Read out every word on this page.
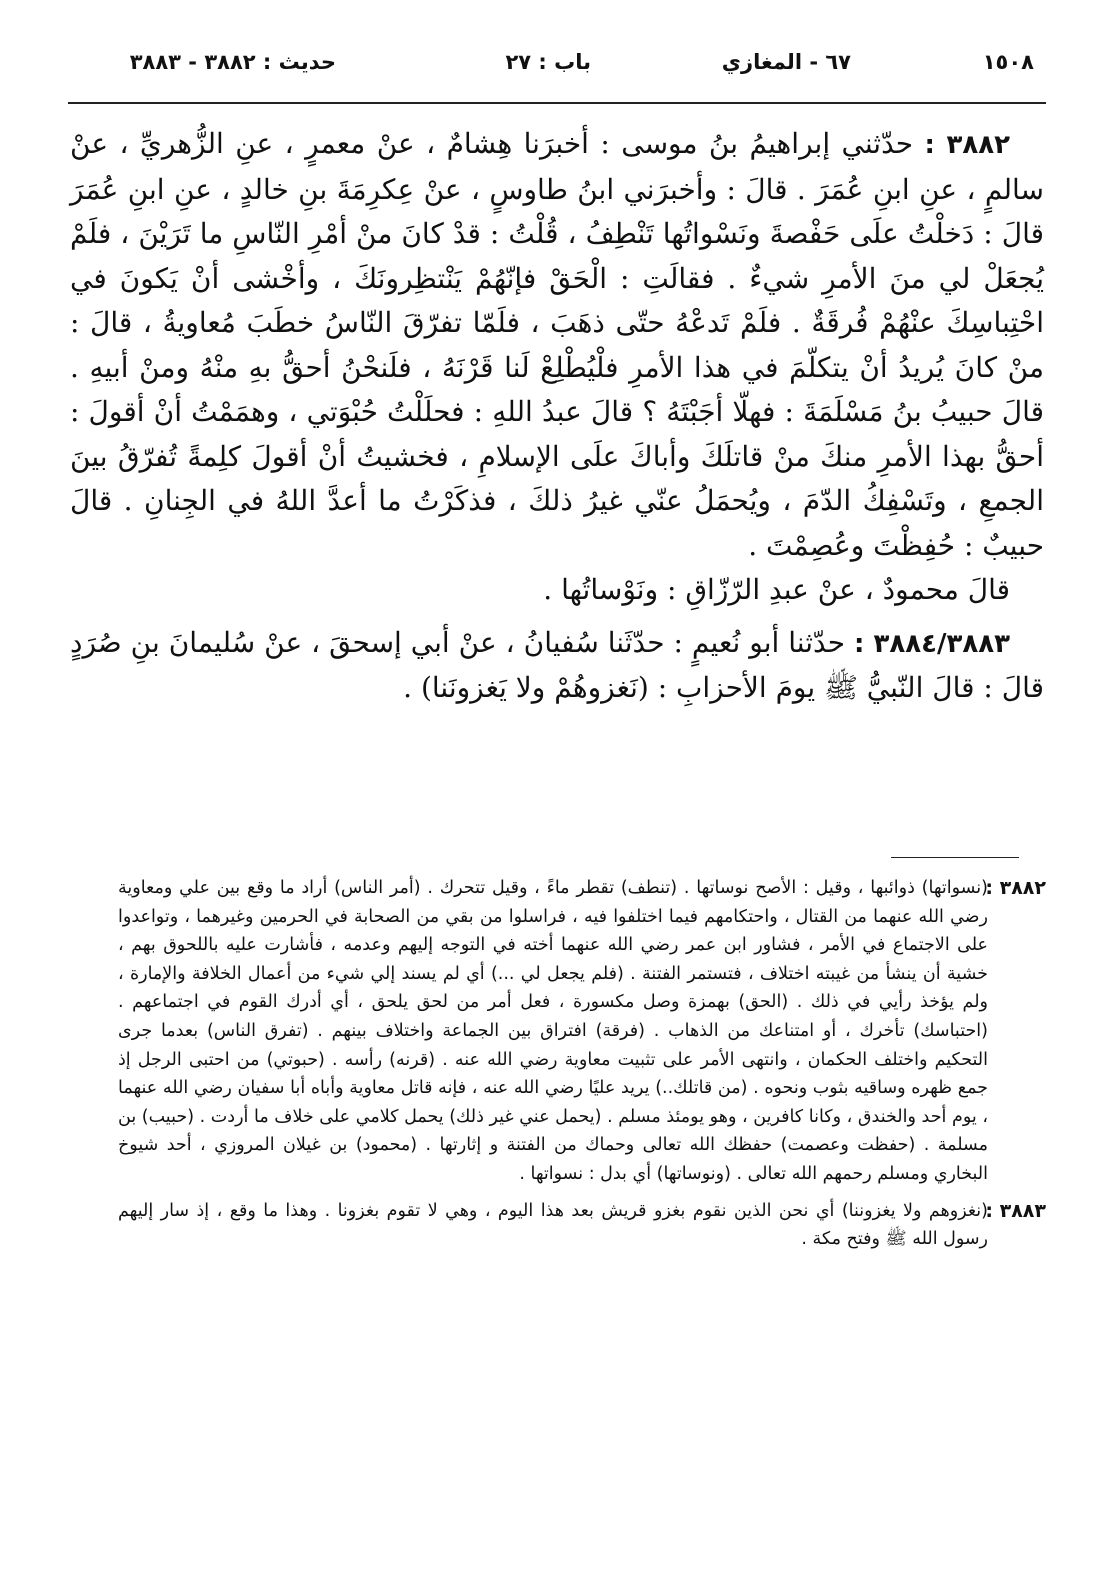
١٥٠٨
٦٧ - المغازي
باب : ٢٧
حديث : ٣٨٨٢ - ٣٨٨٣

٣٨٨٢ : حدّثني إبراهيمُ بنُ موسى : أخبرَنا هِشامٌ ، عنْ معمرٍ ، عنِ الزُّهريِّ ، عنْ سالمٍ ، عنِ ابنِ عُمَرَ . قالَ : وأخبرَني ابنُ طاوسٍ ، عنْ عِكرِمَةَ بنِ خالدٍ ، عنِ ابنِ عُمَرَ قالَ : دَخلْتُ علَى حَفْصةَ ونَسْواتُها تَنْطِفُ ، قُلْتُ : قدْ كانَ منْ أمْرِ النّاسِ ما تَرَيْنَ ، فلَمْ يُجعَلْ لي منَ الأمرِ شيءٌ . فقالَتِ : الْحَقْ فإنّهُمْ يَنْتظِرونَكَ ، وأخْشى أنْ يَكونَ في احْتِباسِكَ عنْهُمْ فُرقَةٌ . فلَمْ تَدعْهُ حتّى ذهَبَ ، فلَمّا تفرّقَ النّاسُ خطَبَ مُعاويةُ ، قالَ : منْ كانَ يُريدُ أنْ يتكلّمَ في هذا الأمرِ فلْيُطْلِعْ لَنا قَرْنَهُ ، فلَنحْنُ أحقُّ بهِ منْهُ ومنْ أبيهِ . قالَ حبيبُ بنُ مَسْلَمَةَ : فهلّا أجَبْتَهُ ؟ قالَ عبدُ اللهِ : فحلَلْتُ حُبْوَتي ، وهمَمْتُ أنْ أقولَ : أحقُّ بهذا الأمرِ منكَ منْ قاتلَكَ وأباكَ علَى الإسلامِ ، فخشيتُ أنْ أقولَ كلِمةً تُفرّقُ بينَ الجمعِ ، وتَسْفِكُ الدّمَ ، ويُحمَلُ عنّي غيرُ ذلكَ ، فذكَرْتُ ما أعدَّ اللهُ في الجِنانِ . قالَ حبيبٌ : حُفِظْتَ وعُصِمْتَ .

قالَ محمودٌ ، عنْ عبدِ الرّزّاقِ : ونَوْساتُها .

٣٨٨٤/٣٨٨٣ : حدّثنا أبو نُعيمٍ : حدّثَنا سُفيانُ ، عنْ أبي إسحقَ ، عنْ سُليمانَ بنِ صُرَدٍ قالَ : قالَ النّبيُّ ﷺ يومَ الأحزابِ : (نَغزوهُمْ ولا يَغزونَنا) .

٣٨٨٢ :

(نسواتها) ذوائبها ، وقيل : الأصح نوساتها . (تنطف) تقطر ماءً ، وقيل تتحرك . (أمر الناس) أراد ما وقع بين علي ومعاوية رضي الله عنهما من القتال ، واحتكامهم فيما اختلفوا فيه ، فراسلوا من بقي من الصحابة في الحرمين وغيرهما ، وتواعدوا على الاجتماع في الأمر ، فشاور ابن عمر رضي الله عنهما أخته في التوجه إليهم وعدمه ، فأشارت عليه باللحوق بهم ، خشية أن ينشأ من غيبته اختلاف ، فتستمر الفتنة . (فلم يجعل لي ...) أي لم يسند إلي شيء من أعمال الخلافة والإمارة ، ولم يؤخذ رأيي في ذلك . (الحق) بهمزة وصل مكسورة ، فعل أمر من لحق يلحق ، أي أدرك القوم في اجتماعهم . (احتباسك) تأخرك ، أو امتناعك من الذهاب . (فرقة) افتراق بين الجماعة واختلاف بينهم . (تفرق الناس) بعدما جرى التحكيم واختلف الحكمان ، وانتهى الأمر على تثبيت معاوية رضي الله عنه . (قرنه) رأسه . (حبوتي) من احتبى الرجل إذ جمع ظهره وساقيه بثوب ونحوه . (من قاتلك..) يريد عليًا رضي الله عنه ، فإنه قاتل معاوية وأباه أبا سفيان رضي الله عنهما ، يوم أحد والخندق ، وكانا كافرين ، وهو يومئذ مسلم . (يحمل عني غير ذلك) يحمل كلامي على خلاف ما أردت . (حبيب) بن مسلمة . (حفظت وعصمت) حفظك الله تعالى وحماك من الفتنة و إثارتها . (محمود) بن غيلان المروزي ، أحد شيوخ البخاري ومسلم رحمهم الله تعالى . (ونوساتها) أي بدل : نسواتها .

٣٨٨٣ :

(نغزوهم ولا يغزوننا) أي نحن الذين نقوم بغزو قريش بعد هذا اليوم ، وهي لا تقوم بغزونا . وهذا ما وقع ، إذ سار إليهم رسول الله ﷺ وفتح مكة .
